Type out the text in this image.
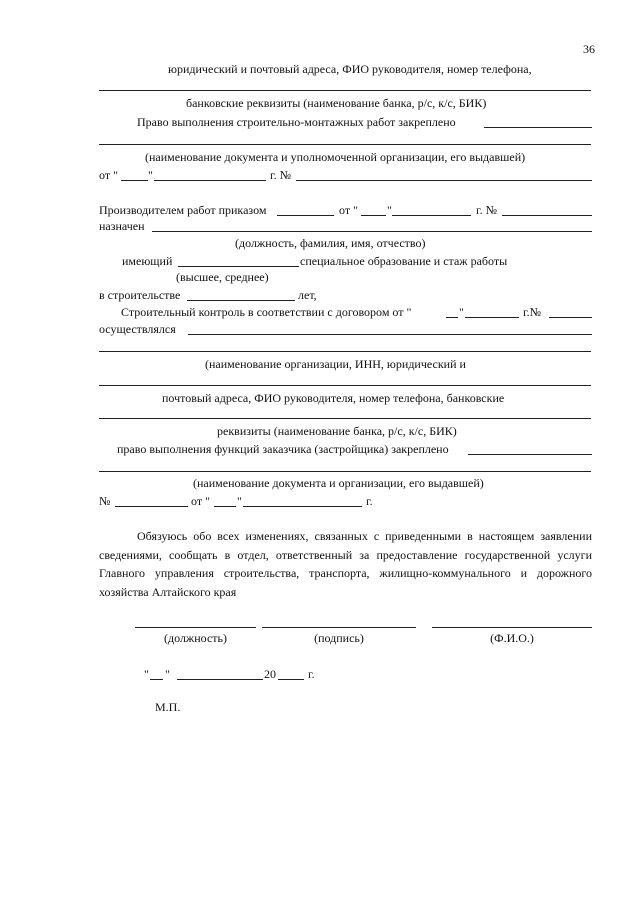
36
юридический и почтовый адреса, ФИО руководителя, номер телефона,
банковские реквизиты (наименование банка, р/с, к/с, БИК)
Право выполнения строительно-монтажных работ закреплено
(наименование документа и уполномоченной организации, его выдавшей)
от "	"	г. №
Производителем работ приказом	от " "	г. №
назначен
(должность, фамилия, имя, отчество)
имеющий	специальное образование и стаж работы
(высшее, среднее)
в строительстве	лет,
Строительный контроль в соответствии с договором от "	"	г.№
осуществлялся
(наименование организации, ИНН, юридический и
почтовый адреса, ФИО руководителя, номер телефона, банковские
реквизиты (наименование банка, р/с, к/с, БИК)
право выполнения функций заказчика (застройщика) закреплено
(наименование документа и организации, его выдавшей)
№	от " "	г.
Обязуюсь обо всех изменениях, связанных с приведенными в настоящем заявлении сведениями, сообщать в отдел, ответственный за предоставление государственной услуги Главного управления строительства, транспорта, жилищно-коммунального и дорожного хозяйства Алтайского края
(должность)	(подпись)	(Ф.И.О.)
" "	20	г.
М.П.
